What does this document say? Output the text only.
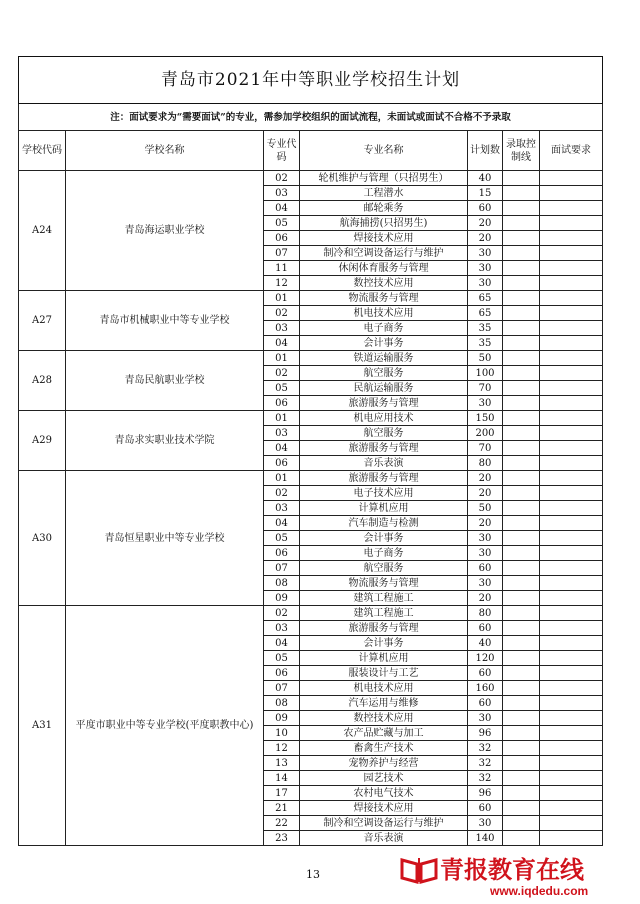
青岛市2021年中等职业学校招生计划						
注：面试要求为“需要面试”的专业，需参加学校组织的面试流程，未面试或面试不合格不予录取						
学校代码	学校名称	专业代码	专业名称	计划数	录取控制线	面试要求
A24	青岛海运职业学校	02	轮机维护与管理（只招男生）	40		
		03	工程潜水	15		
		04	邮轮乘务	60		
		05	航海捕捞(只招男生)	20		
		06	焊接技术应用	20		
		07	制冷和空调设备运行与维护	30		
		11	休闲体育服务与管理	30		
		12	数控技术应用	30		
A27	青岛市机械职业中等专业学校	01	物流服务与管理	65		
		02	机电技术应用	65		
		03	电子商务	35		
		04	会计事务	35		
A28	青岛民航职业学校	01	铁道运输服务	50		
		02	航空服务	100		
		05	民航运输服务	70		
		06	旅游服务与管理	30		
A29	青岛求实职业技术学院	01	机电应用技术	150		
		03	航空服务	200		
		04	旅游服务与管理	70		
		06	音乐表演	80		
A30	青岛恒星职业中等专业学校	01	旅游服务与管理	20		
		02	电子技术应用	20		
		03	计算机应用	50		
		04	汽车制造与检测	20		
		05	会计事务	30		
		06	电子商务	30		
		07	航空服务	60		
		08	物流服务与管理	30		
		09	建筑工程施工	20		
A31	平度市职业中等专业学校(平度职教中心)	02	建筑工程施工	80		
		03	旅游服务与管理	60		
		04	会计事务	40		
		05	计算机应用	120		
		06	服装设计与工艺	60		
		07	机电技术应用	160		
		08	汽车运用与维修	60		
		09	数控技术应用	30		
		10	农产品贮藏与加工	96		
		12	畜禽生产技术	32		
		13	宠物养护与经营	32		
		14	园艺技术	32		
		17	农村电气技术	96		
		21	焊接技术应用	60		
		22	制冷和空调设备运行与维护	30		
		23	音乐表演	140		
13	青报教育在线
www.iqdedu.com
